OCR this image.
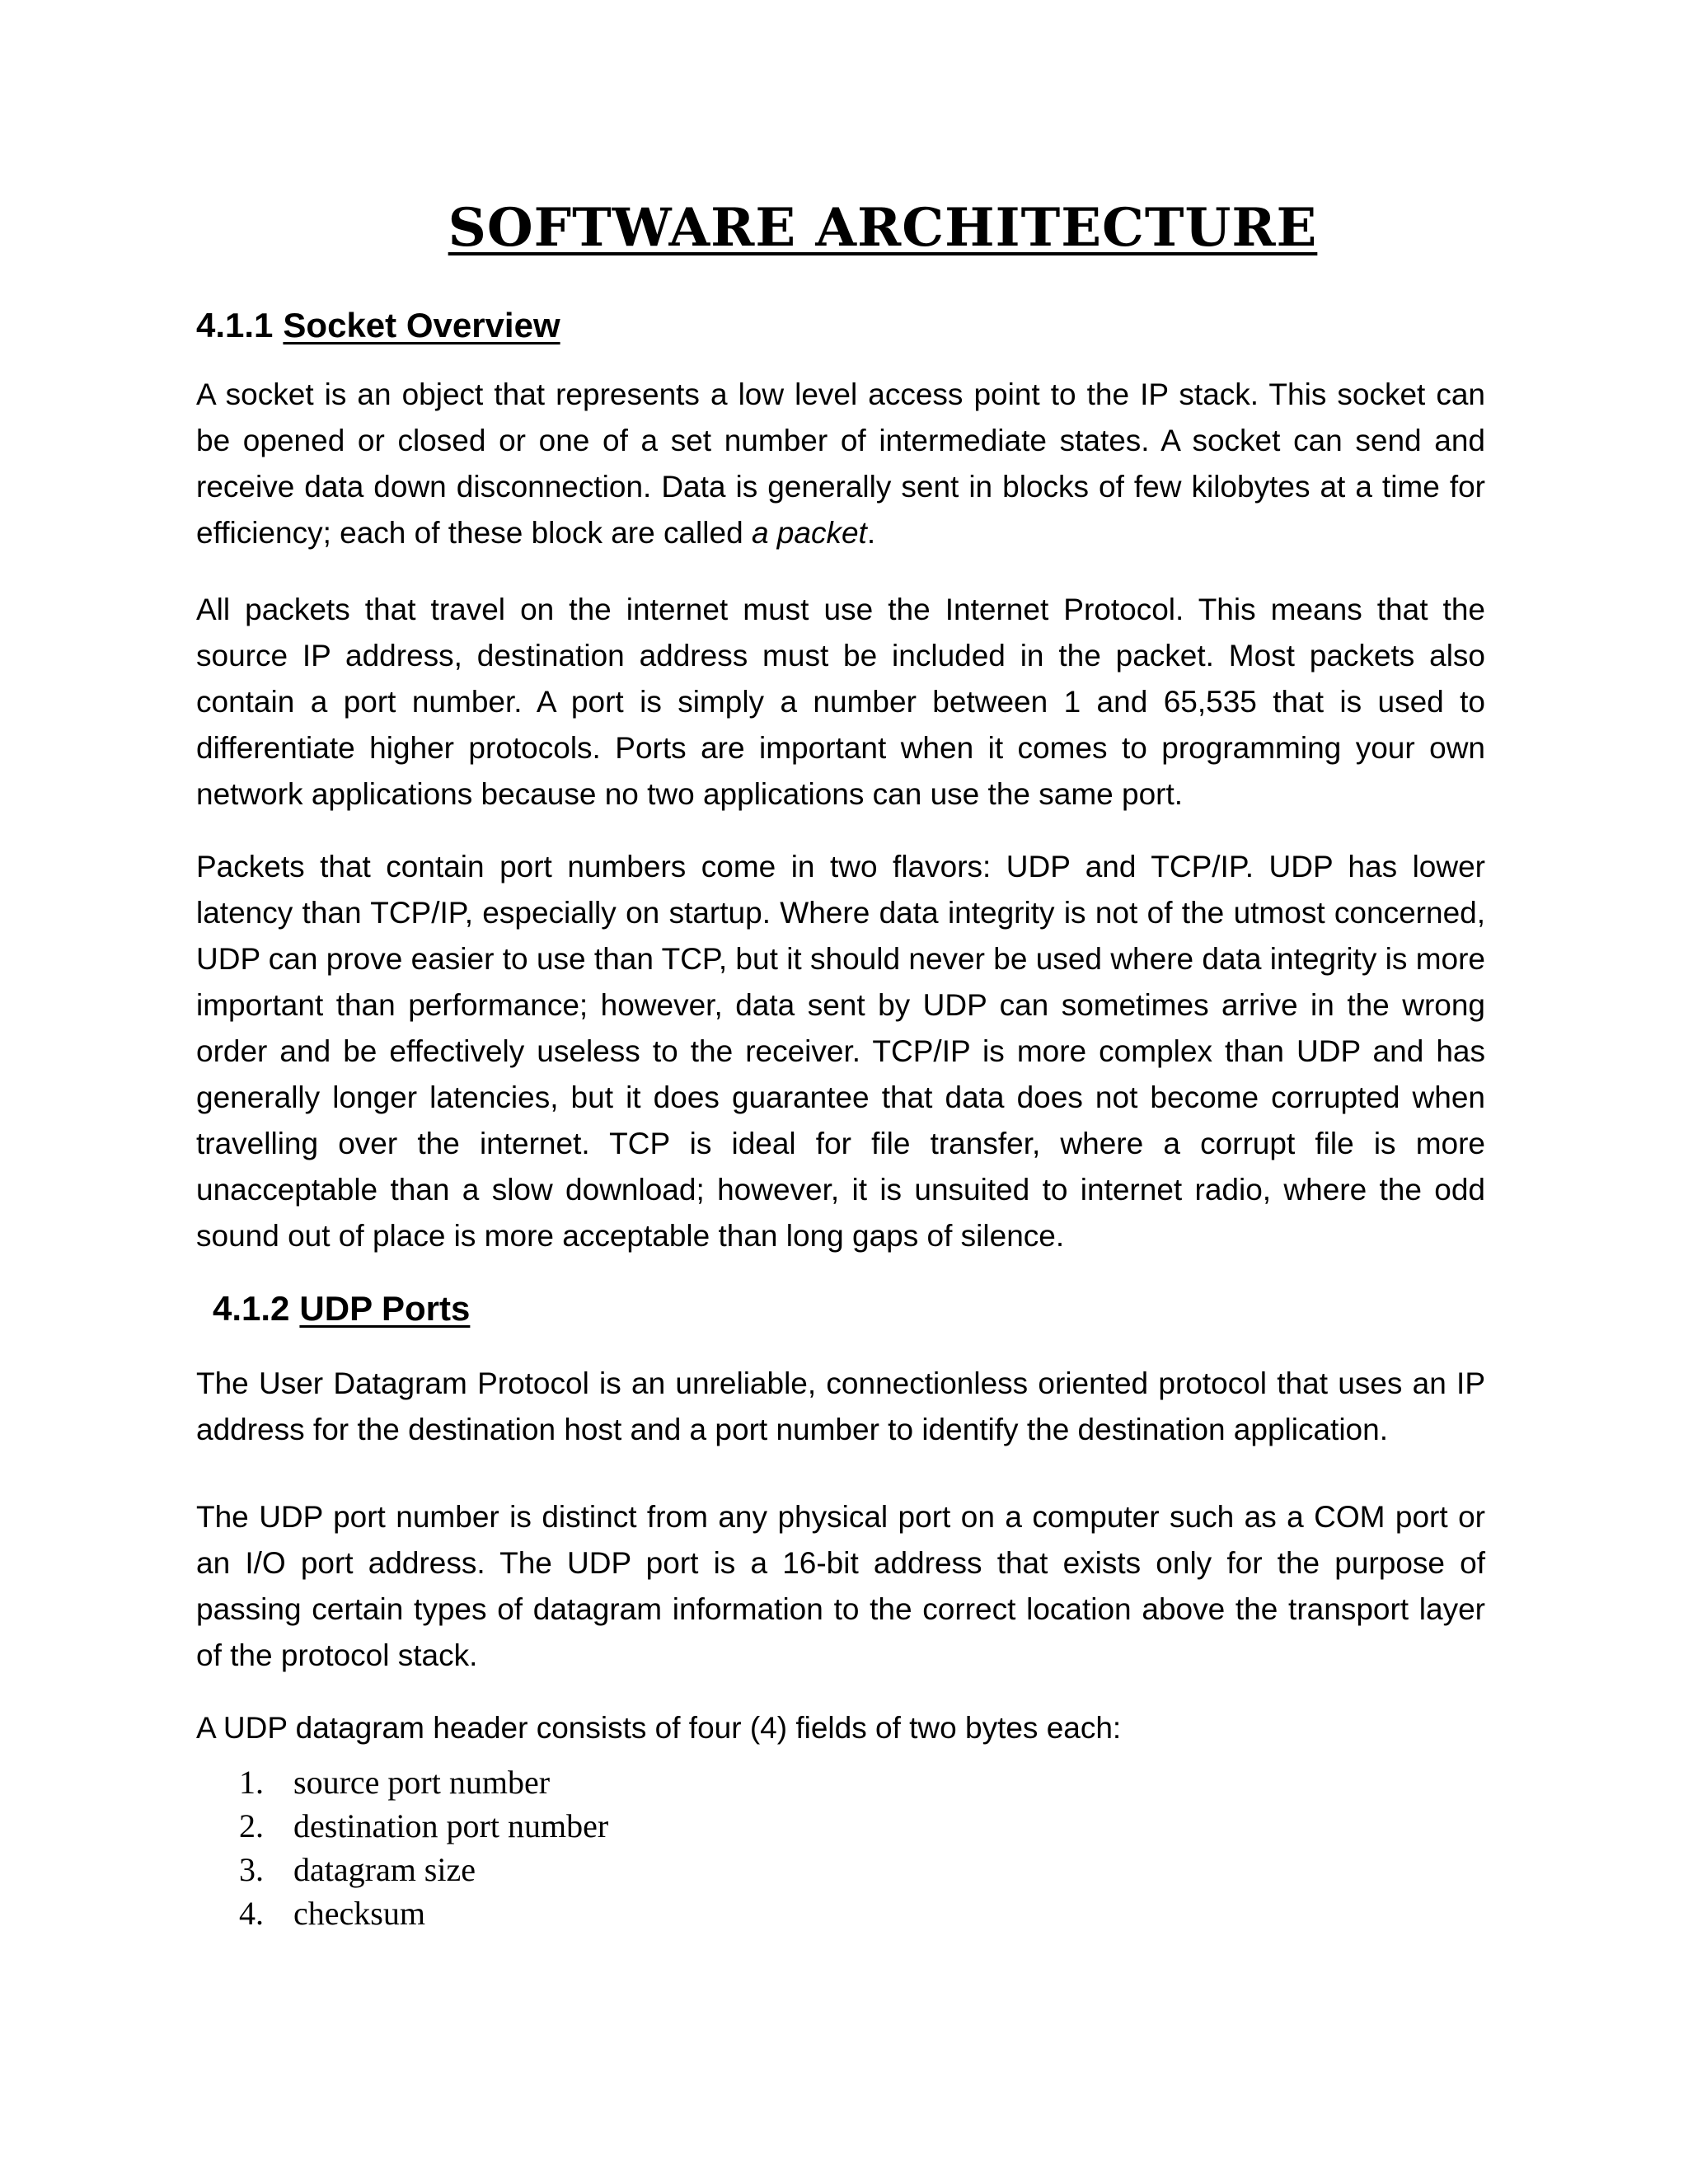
SOFTWARE ARCHITECTURE
4.1.1 Socket Overview

A socket is an object that represents a low level access point to the IP stack. This socket can be opened or closed or one of a set number of intermediate states. A socket can send and receive data down disconnection. Data is generally sent in blocks of few kilobytes at a time for efficiency; each of these block are called a packet.

All packets that travel on the internet must use the Internet Protocol. This means that the source IP address, destination address must be included in the packet. Most packets also contain a port number. A port is simply a number between 1 and 65,535 that is used to differentiate higher protocols. Ports are important when it comes to programming your own network applications because no two applications can use the same port.

Packets that contain port numbers come in two flavors: UDP and TCP/IP. UDP has lower latency than TCP/IP, especially on startup. Where data integrity is not of the utmost concerned, UDP can prove easier to use than TCP, but it should never be used where data integrity is more important than performance; however, data sent by UDP can sometimes arrive in the wrong order and be effectively useless to the receiver. TCP/IP is more complex than UDP and has generally longer latencies, but it does guarantee that data does not become corrupted when travelling over the internet. TCP is ideal for file transfer, where a corrupt file is more unacceptable than a slow download; however, it is unsuited to internet radio, where the odd sound out of place is more acceptable than long gaps of silence.

4.1.2 UDP Ports

The User Datagram Protocol is an unreliable, connectionless oriented protocol that uses an IP address for the destination host and a port number to identify the destination application.

The UDP port number is distinct from any physical port on a computer such as a COM port or an I/O port address. The UDP port is a 16-bit address that exists only for the purpose of passing certain types of datagram information to the correct location above the transport layer of the protocol stack.

A UDP datagram header consists of four (4) fields of two bytes each:

1. source port number
2. destination port number
3. datagram size
4. checksum
